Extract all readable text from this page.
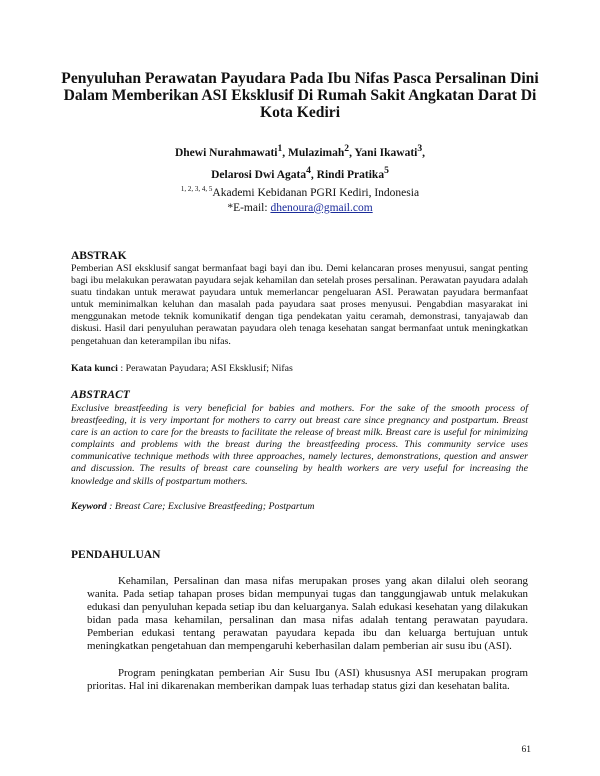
Penyuluhan Perawatan Payudara Pada Ibu Nifas Pasca Persalinan Dini Dalam Memberikan ASI Eksklusif Di Rumah Sakit Angkatan Darat Di Kota Kediri
Dhewi Nurahmawati$^1$, Mulazimah$^2$, Yani Ikawati$^3$,
Delarosi Dwi Agata$^4$, Rindi Pratika$^5$
$^{1, 2, 3, 4, 5}$Akademi Kebidanan PGRI Kediri, Indonesia
*E-mail: dhenoura@gmail.com
ABSTRAK

Pemberian ASI eksklusif sangat bermanfaat bagi bayi dan ibu. Demi kelancaran proses menyusui, sangat penting bagi ibu melakukan perawatan payudara sejak kehamilan dan setelah proses persalinan. Perawatan payudara adalah suatu tindakan untuk merawat payudara untuk memerlancar pengeluaran ASI. Perawatan payudara bermanfaat untuk meminimalkan keluhan dan masalah pada payudara saat proses menyusui. Pengabdian masyarakat ini menggunakan metode teknik komunikatif dengan tiga pendekatan yaitu ceramah, demonstrasi, tanyajawab dan diskusi. Hasil dari penyuluhan perawatan payudara oleh tenaga kesehatan sangat bermanfaat untuk meningkatkan pengetahuan dan keterampilan ibu nifas.

Kata kunci : Perawatan Payudara; ASI Eksklusif; Nifas
ABSTRACT

Exclusive breastfeeding is very beneficial for babies and mothers. For the sake of the smooth process of breastfeeding, it is very important for mothers to carry out breast care since pregnancy and postpartum. Breast care is an action to care for the breasts to facilitate the release of breast milk. Breast care is useful for minimizing complaints and problems with the breast during the breastfeeding process. This community service uses communicative technique methods with three approaches, namely lectures, demonstrations, question and answer and discussion. The results of breast care counseling by health workers are very useful for increasing the knowledge and skills of postpartum mothers.

Keyword : Breast Care; Exclusive Breastfeeding; Postpartum
PENDAHULUAN

Kehamilan, Persalinan dan masa nifas merupakan proses yang akan dilalui oleh seorang wanita. Pada setiap tahapan proses bidan mempunyai tugas dan tanggungjawab untuk melakukan edukasi dan penyuluhan kepada setiap ibu dan keluarganya. Salah edukasi kesehatan yang dilakukan bidan pada masa kehamilan, persalinan dan masa nifas adalah tentang perawatan payudara. Pemberian edukasi tentang perawatan payudara kepada ibu dan keluarga bertujuan untuk meningkatkan pengetahuan dan mempengaruhi keberhasilan dalam pemberian air susu ibu (ASI).

Program peningkatan pemberian Air Susu Ibu (ASI) khususnya ASI merupakan program prioritas. Hal ini dikarenakan memberikan dampak luas terhadap status gizi dan kesehatan balita.

61
